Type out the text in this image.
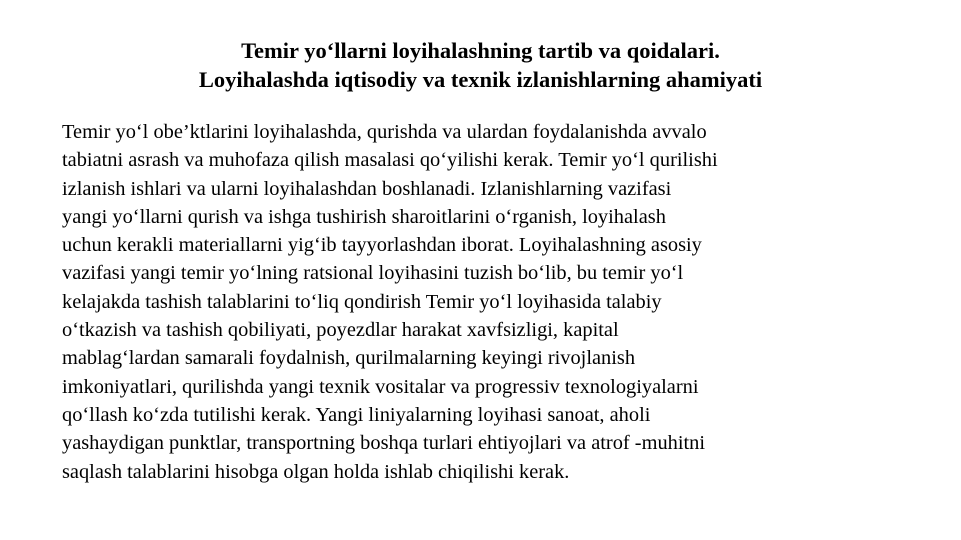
Temir yo‘llarni loyihalashning tartib va qoidalari.
Loyihalashda iqtisodiy va texnik izlanishlarning ahamiyati

Temir yo‘l obe’ktlarini loyihalashda, qurishda va ulardan foydalanishda avvalo
tabiatni asrash va muhofaza qilish masalasi qo‘yilishi kerak. Temir yo‘l qurilishi
izlanish ishlari va ularni loyihalashdan boshlanadi. Izlanishlarning vazifasi
yangi yo‘llarni qurish va ishga tushirish sharoitlarini o‘rganish, loyihalash
uchun kerakli materiallarni yig‘ib tayyorlashdan iborat. Loyihalashning asosiy
vazifasi yangi temir yo‘lning ratsional loyihasini tuzish bo‘lib, bu temir yo‘l
kelajakda tashish talablarini to‘liq qondirish Temir yo‘l loyihasida talabiy
o‘tkazish va tashish qobiliyati, poyezdlar harakat xavfsizligi, kapital
mablag‘lardan samarali foydalnish, qurilmalarning keyingi rivojlanish
imkoniyatlari, qurilishda yangi texnik vositalar va progressiv texnologiyalarni
qo‘llash ko‘zda tutilishi kerak. Yangi liniyalarning loyihasi sanoat, aholi
yashaydigan punktlar, transportning boshqa turlari ehtiyojlari va atrof -muhitni
saqlash talablarini hisobga olgan holda ishlab chiqilishi kerak.
